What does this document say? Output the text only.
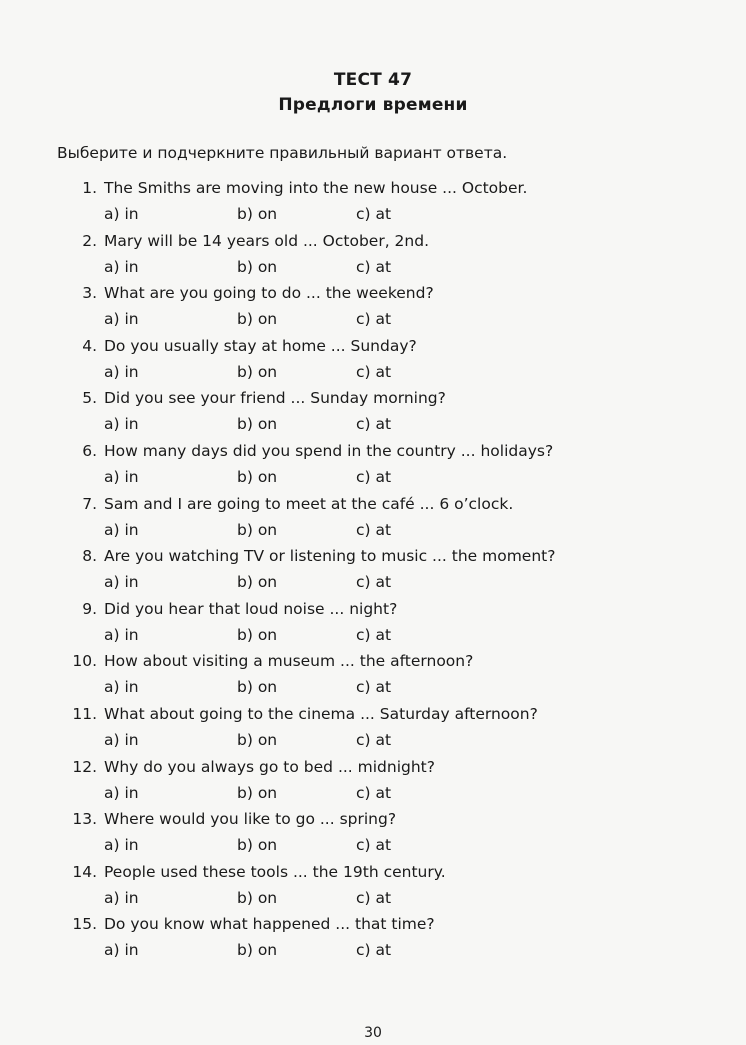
ТЕСТ 47
Предлоги времени
Выберите и подчеркните правильный вариант ответа.
1. The Smiths are moving into the new house ... October.
a) in	b) on	c) at
2. Mary will be 14 years old ... October, 2nd.
a) in	b) on	c) at
3. What are you going to do ... the weekend?
a) in	b) on	c) at
4. Do you usually stay at home ... Sunday?
a) in	b) on	c) at
5. Did you see your friend ... Sunday morning?
a) in	b) on	c) at
6. How many days did you spend in the country ... holidays?
a) in	b) on	c) at
7. Sam and I are going to meet at the café ... 6 o’clock.
a) in	b) on	c) at
8. Are you watching TV or listening to music ... the moment?
a) in	b) on	c) at
9. Did you hear that loud noise ... night?
a) in	b) on	c) at
10. How about visiting a museum ... the afternoon?
a) in	b) on	c) at
11. What about going to the cinema ... Saturday afternoon?
a) in	b) on	c) at
12. Why do you always go to bed ... midnight?
a) in	b) on	c) at
13. Where would you like to go ... spring?
a) in	b) on	c) at
14. People used these tools ... the 19th century.
a) in	b) on	c) at
15. Do you know what happened ... that time?
a) in	b) on	c) at
30
